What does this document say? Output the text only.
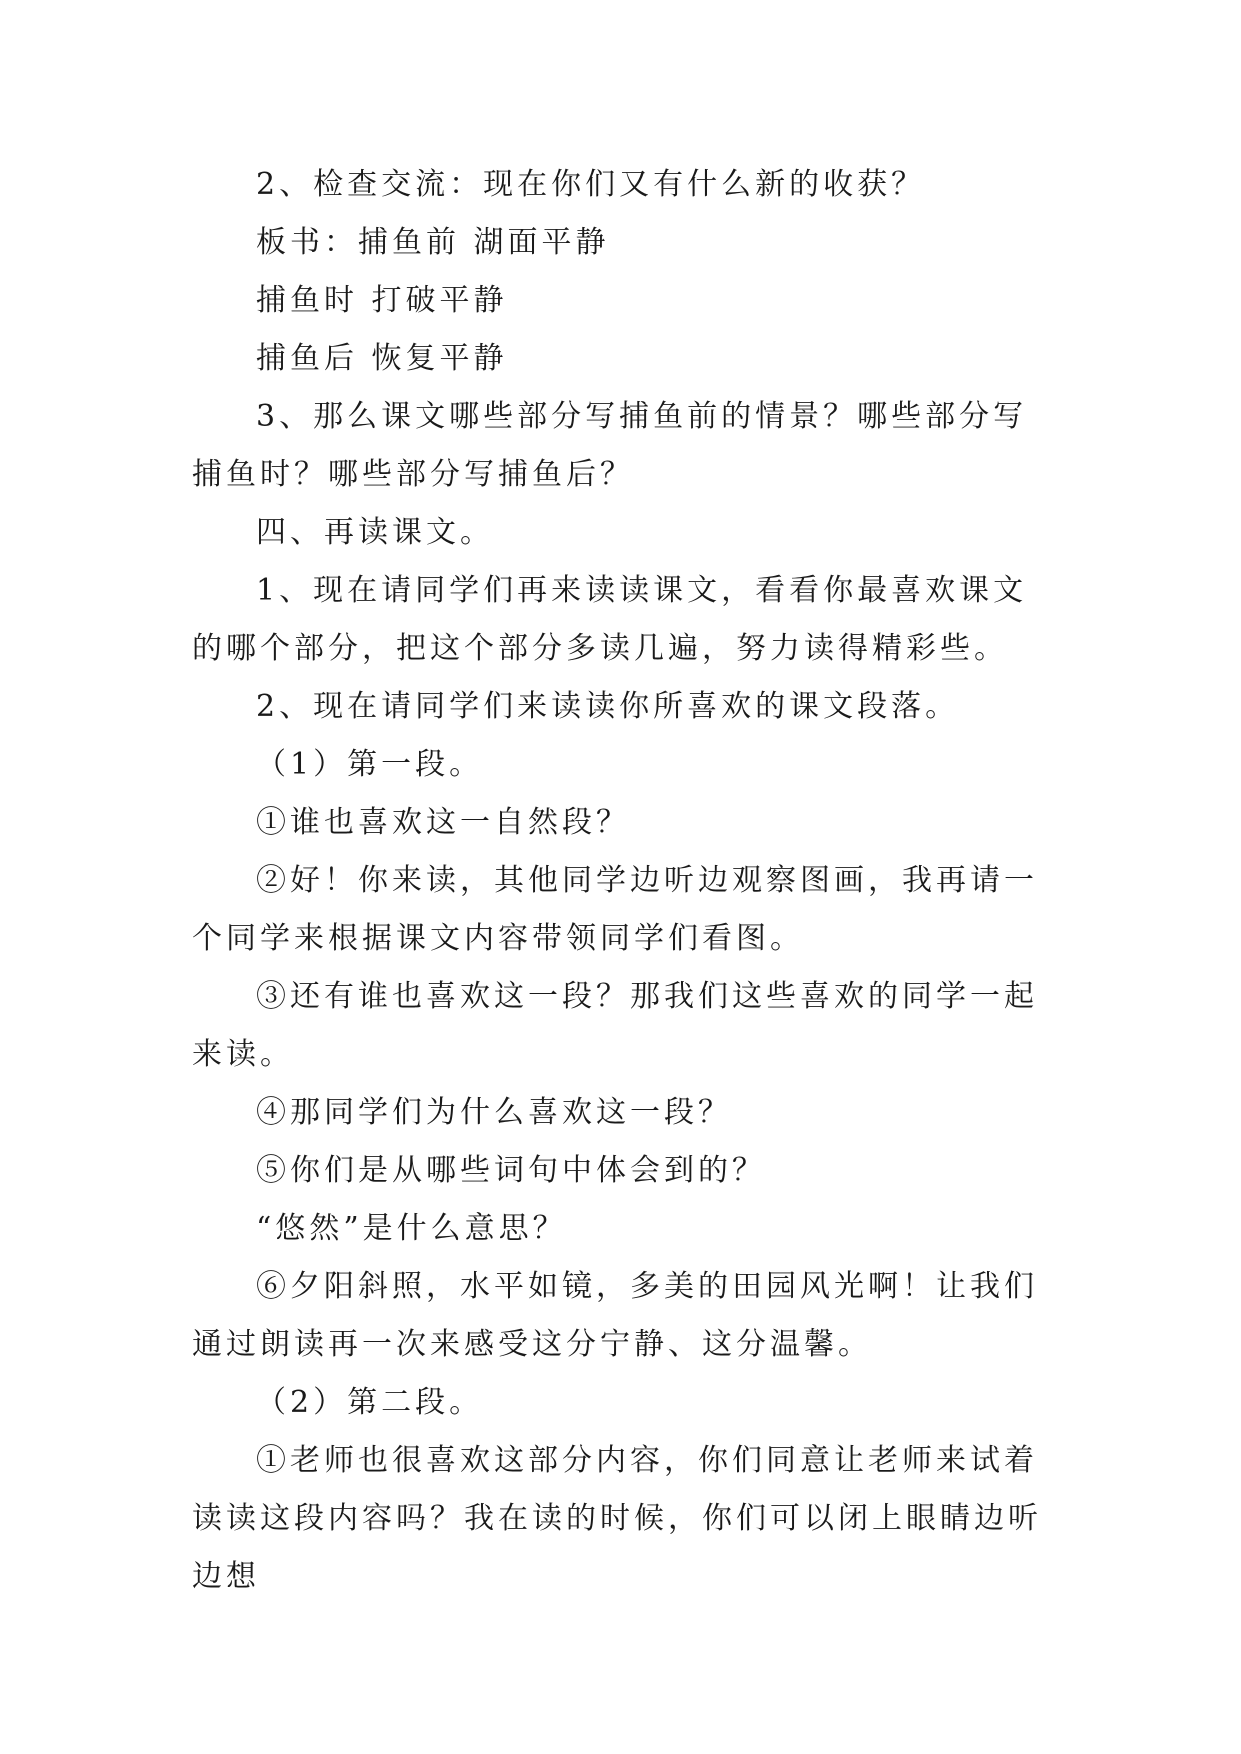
2、检查交流：现在你们又有什么新的收获？

板书：捕鱼前 湖面平静

捕鱼时 打破平静

捕鱼后 恢复平静

3、那么课文哪些部分写捕鱼前的情景？哪些部分写捕鱼时？哪些部分写捕鱼后？

四、再读课文。

1、现在请同学们再来读读课文，看看你最喜欢课文的哪个部分，把这个部分多读几遍，努力读得精彩些。

2、现在请同学们来读读你所喜欢的课文段落。

（1）第一段。

①谁也喜欢这一自然段？

②好！你来读，其他同学边听边观察图画，我再请一个同学来根据课文内容带领同学们看图。

③还有谁也喜欢这一段？那我们这些喜欢的同学一起来读。

④那同学们为什么喜欢这一段？

⑤你们是从哪些词句中体会到的？

“悠然”是什么意思？

⑥夕阳斜照，水平如镜，多美的田园风光啊！让我们通过朗读再一次来感受这分宁静、这分温馨。

（2）第二段。

①老师也很喜欢这部分内容，你们同意让老师来试着读读这段内容吗？我在读的时候，你们可以闭上眼睛边听边想
